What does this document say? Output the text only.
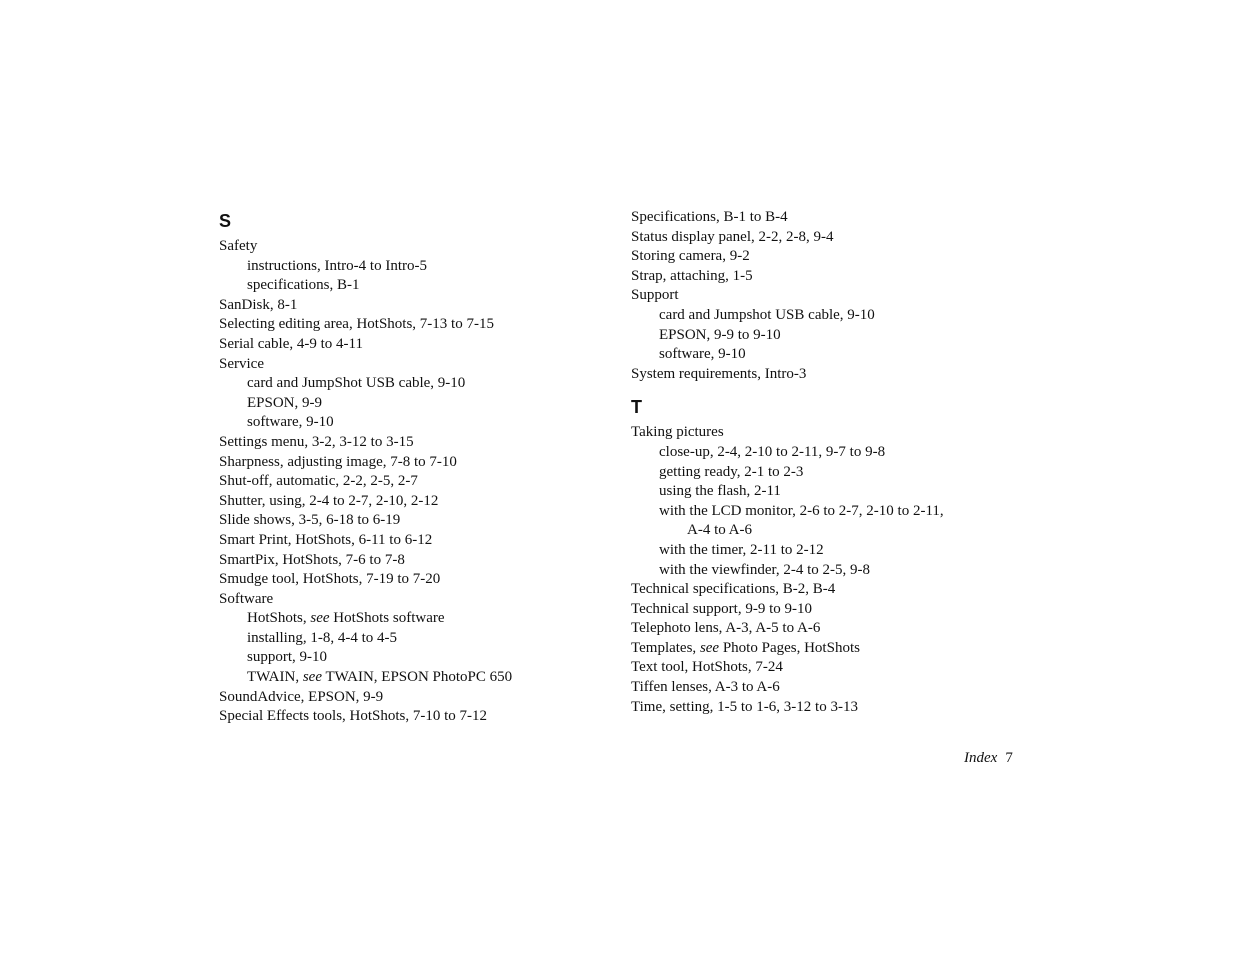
S
Safety
instructions, Intro-4 to Intro-5
specifications, B-1
SanDisk, 8-1
Selecting editing area, HotShots, 7-13 to 7-15
Serial cable, 4-9 to 4-11
Service
card and JumpShot USB cable, 9-10
EPSON, 9-9
software, 9-10
Settings menu, 3-2, 3-12 to 3-15
Sharpness, adjusting image, 7-8 to 7-10
Shut-off, automatic, 2-2, 2-5, 2-7
Shutter, using, 2-4 to 2-7, 2-10, 2-12
Slide shows, 3-5, 6-18 to 6-19
Smart Print, HotShots, 6-11 to 6-12
SmartPix, HotShots, 7-6 to 7-8
Smudge tool, HotShots, 7-19 to 7-20
Software
HotShots, see HotShots software
installing, 1-8, 4-4 to 4-5
support, 9-10
TWAIN, see TWAIN, EPSON PhotoPC 650
SoundAdvice, EPSON, 9-9
Special Effects tools, HotShots, 7-10 to 7-12
Specifications, B-1 to B-4
Status display panel, 2-2, 2-8, 9-4
Storing camera, 9-2
Strap, attaching, 1-5
Support
card and Jumpshot USB cable, 9-10
EPSON, 9-9 to 9-10
software, 9-10
System requirements, Intro-3
T
Taking pictures
close-up, 2-4, 2-10 to 2-11, 9-7 to 9-8
getting ready, 2-1 to 2-3
using the flash, 2-11
with the LCD monitor, 2-6 to 2-7, 2-10 to 2-11,
A-4 to A-6
with the timer, 2-11 to 2-12
with the viewfinder, 2-4 to 2-5, 9-8
Technical specifications, B-2, B-4
Technical support, 9-9 to 9-10
Telephoto lens, A-3, A-5 to A-6
Templates, see Photo Pages, HotShots
Text tool, HotShots, 7-24
Tiffen lenses, A-3 to A-6
Time, setting, 1-5 to 1-6, 3-12 to 3-13
Index 7
